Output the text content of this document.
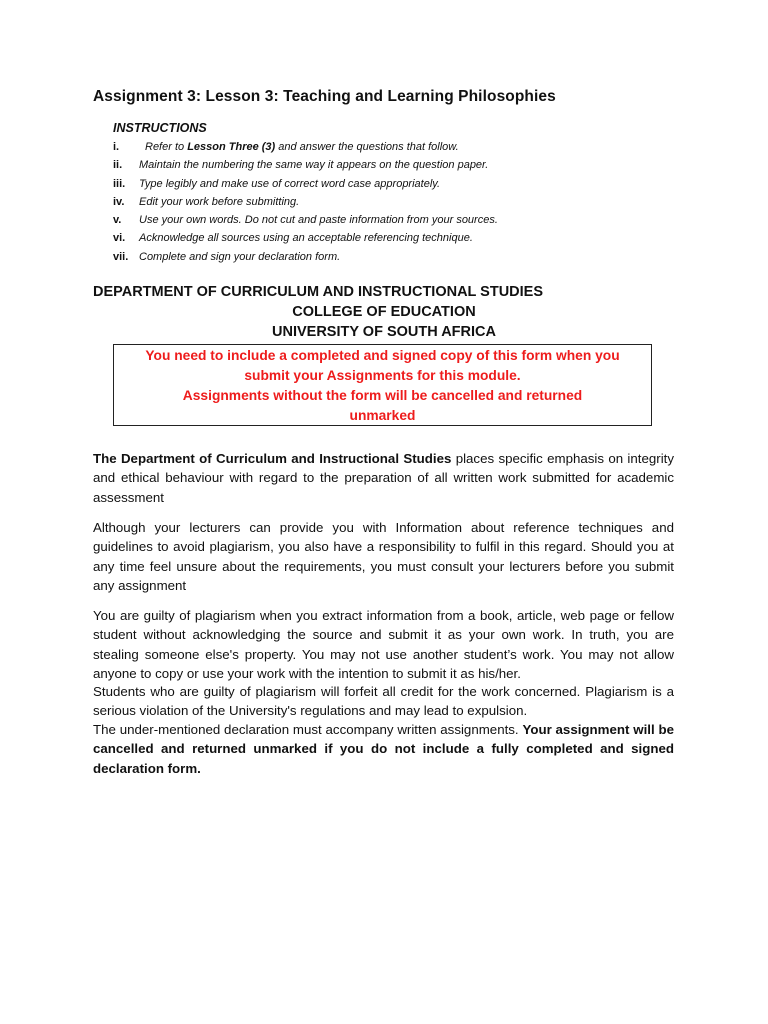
Assignment 3: Lesson 3: Teaching and Learning Philosophies
INSTRUCTIONS
i. Refer to Lesson Three (3) and answer the questions that follow.
ii. Maintain the numbering the same way it appears on the question paper.
iii. Type legibly and make use of correct word case appropriately.
iv. Edit your work before submitting.
v. Use your own words. Do not cut and paste information from your sources.
vi. Acknowledge all sources using an acceptable referencing technique.
vii. Complete and sign your declaration form.
DEPARTMENT OF CURRICULUM AND INSTRUCTIONAL STUDIES
COLLEGE OF EDUCATION
UNIVERSITY OF SOUTH AFRICA

You need to include a completed and signed copy of this form when you
submit your Assignments for this module.
Assignments without the form will be cancelled and returned
unmarked

The Department of Curriculum and Instructional Studies places specific emphasis on integrity and ethical behaviour with regard to the preparation of all written work submitted for academic assessment

Although your lecturers can provide you with Information about reference techniques and guidelines to avoid plagiarism, you also have a responsibility to fulfil in this regard. Should you at any time feel unsure about the requirements, you must consult your lecturers before you submit any assignment

You are guilty of plagiarism when you extract information from a book, article, web page or fellow student without acknowledging the source and submit it as your own work. In truth, you are stealing someone else's property. You may not use another student’s work. You may not allow anyone to copy or use your work with the intention to submit it as his/her.

Students who are guilty of plagiarism will forfeit all credit for the work concerned. Plagiarism is a serious violation of the University's regulations and may lead to expulsion.

The under-mentioned declaration must accompany written assignments. Your assignment will be cancelled and returned unmarked if you do not include a fully completed and signed declaration form.
